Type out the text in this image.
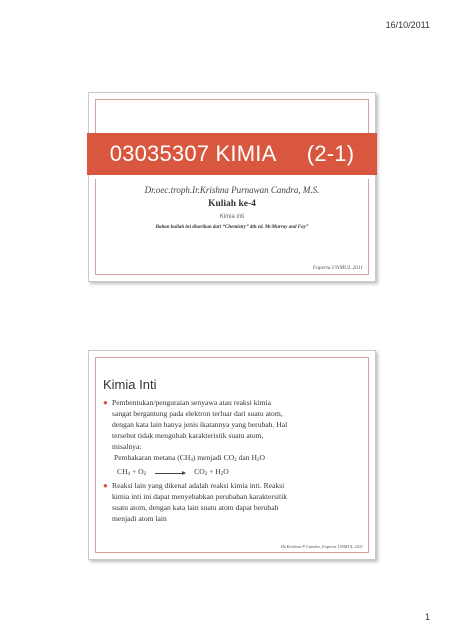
16/10/2011
03035307 KIMIA     (2-1)
Dr.oec.troph.Ir.Krishna Purnawan Candra, M.S.
Kuliah ke-4
Kimia inti
Bahan kuliah ini disarikan dari “Chemistry” 4th ed. McMurray and Fay”
Faperta UNMUL 2011
Kimia Inti
● Pembentukan/penguraian senyawa atau reaksi kimia
sangat bergantung pada elektron terluar dari suatu atom,
dengan kata lain hanya jenis ikatannya yang berubah. Hal
tersebut tidak mengubah karakteristik suatu atom,
misalnya:
Pembakaran metana $(CH_4)$ menjadi $CO_2$ dan $H_2O$
$CH_4 + O_2 \to CO_2 + H_2O$
● Reaksi lain yang dikenal adalah reaksi kimia inti. Reaksi
kimia inti ini dapat menyebabkan perubahan karaktersitik
suatu atom, dengan kata lain suatu atom dapat berubah
menjadi atom lain
Dr.Krishna P Candra, Faperta UNMUL 2011
1
